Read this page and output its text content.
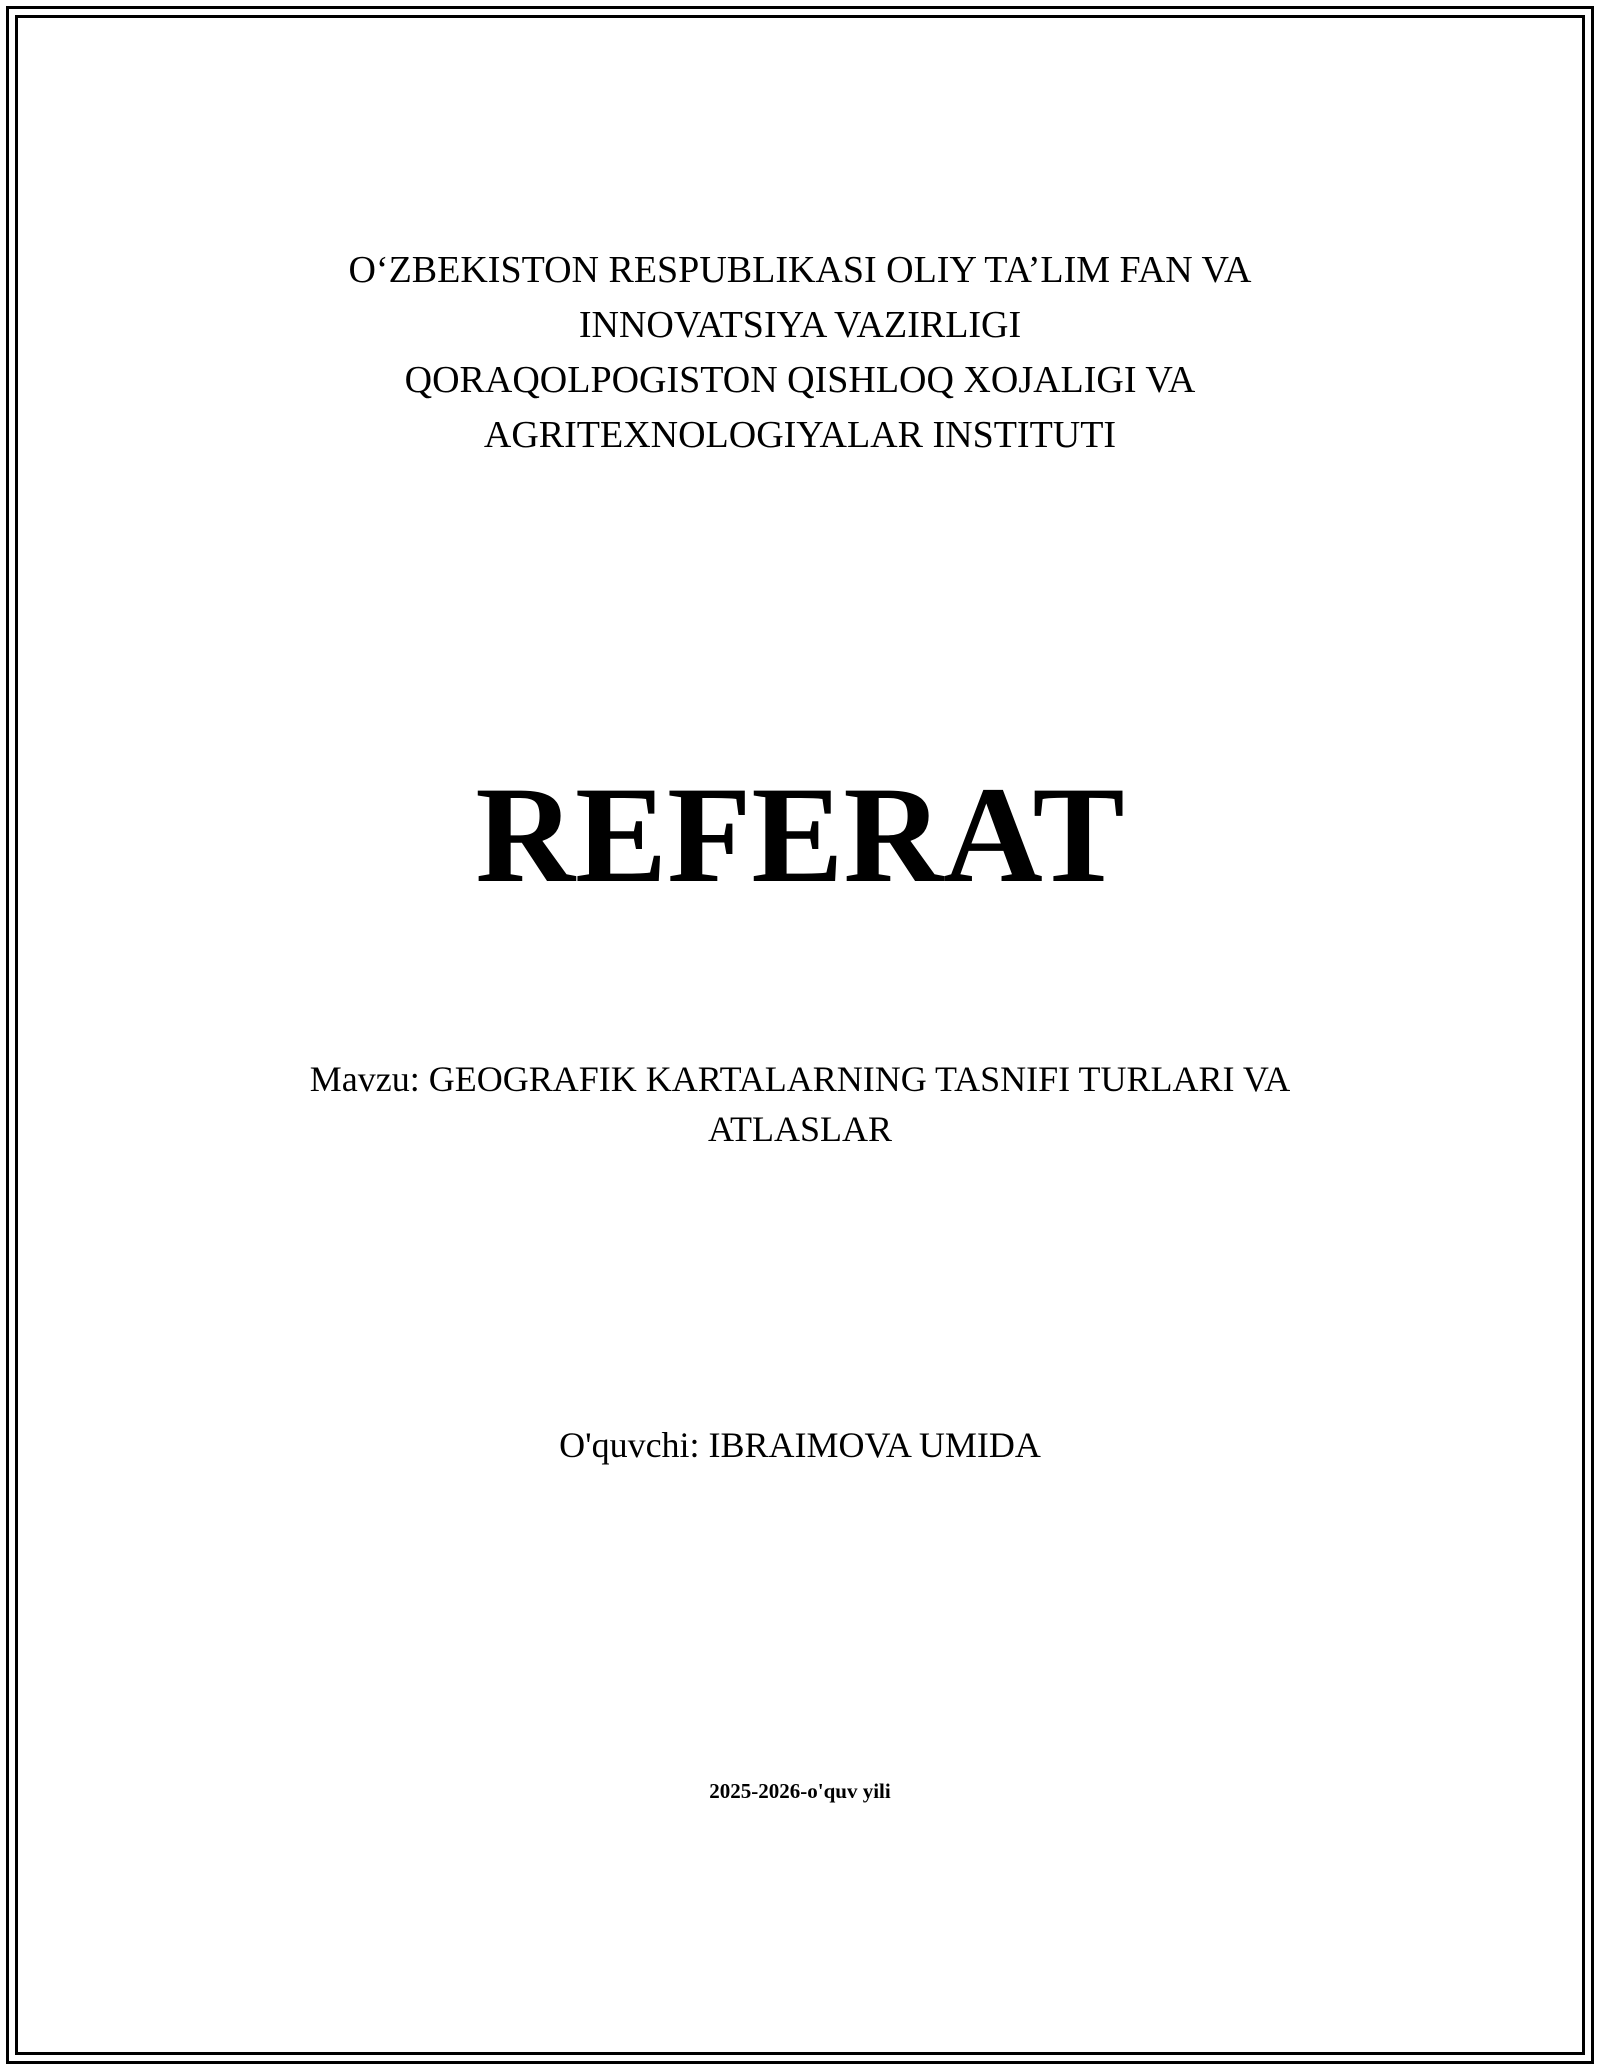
O‘ZBEKISTON RESPUBLIKASI OLIY TA’LIM FAN VA
INNOVATSIYA VAZIRLIGI
QORAQOLPOGISTON QISHLOQ XOJALIGI VA
AGRITEXNOLOGIYALAR INSTITUTI
REFERAT
Mavzu: GEOGRAFIK KARTALARNING TASNIFI TURLARI VA
ATLASLAR
O'quvchi: IBRAIMOVA UMIDA
2025-2026-o'quv yili
